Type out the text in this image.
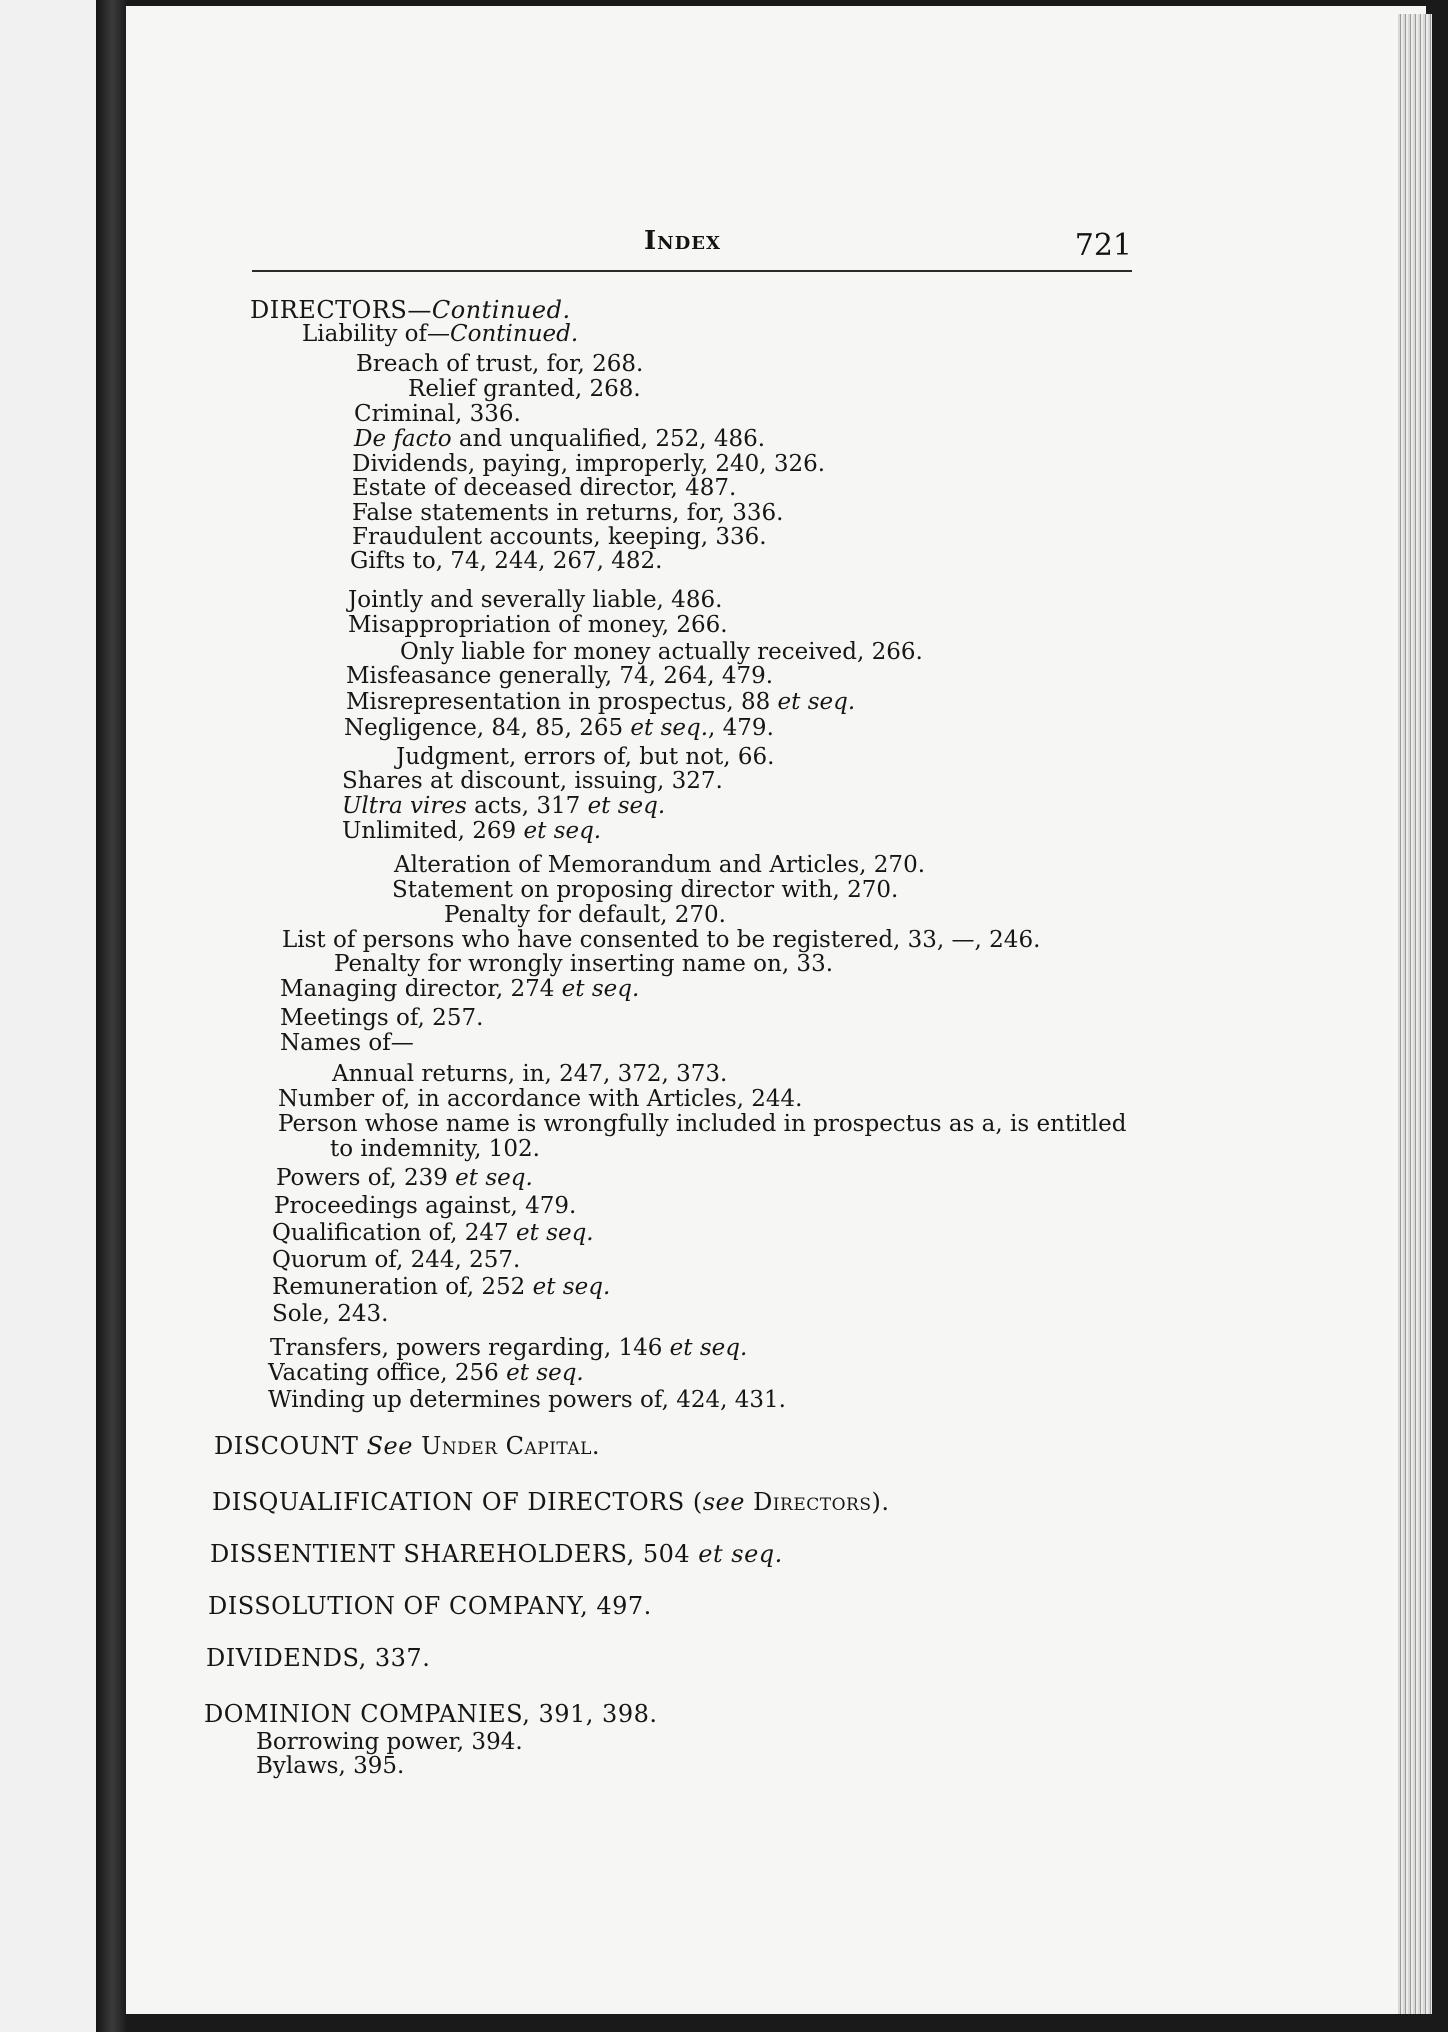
Index	721
DIRECTORS—Continued.
Liability of—Continued.
Breach of trust, for, 268.
Relief granted, 268.
Criminal, 336.
De facto and unqualified, 252, 486.
Dividends, paying, improperly, 240, 326.
Estate of deceased director, 487.
False statements in returns, for, 336.
Fraudulent accounts, keeping, 336.
Gifts to, 74, 244, 267, 482.
Jointly and severally liable, 486.
Misappropriation of money, 266.
Only liable for money actually received, 266.
Misfeasance generally, 74, 264, 479.
Misrepresentation in prospectus, 88 et seq.
Negligence, 84, 85, 265 et seq., 479.
Judgment, errors of, but not, 66.
Shares at discount, issuing, 327.
Ultra vires acts, 317 et seq.
Unlimited, 269 et seq.
Alteration of Memorandum and Articles, 270.
Statement on proposing director with, 270.
Penalty for default, 270.
List of persons who have consented to be registered, 33, —, 246.
Penalty for wrongly inserting name on, 33.
Managing director, 274 et seq.
Meetings of, 257.
Names of—
Annual returns, in, 247, 372, 373.
Number of, in accordance with Articles, 244.
Person whose name is wrongfully included in prospectus as a, is entitled
to indemnity, 102.
Powers of, 239 et seq.
Proceedings against, 479.
Qualification of, 247 et seq.
Quorum of, 244, 257.
Remuneration of, 252 et seq.
Sole, 243.
Transfers, powers regarding, 146 et seq.
Vacating office, 256 et seq.
Winding up determines powers of, 424, 431.
DISCOUNT See Under Capital.
DISQUALIFICATION OF DIRECTORS (see Directors).
DISSENTIENT SHAREHOLDERS, 504 et seq.
DISSOLUTION OF COMPANY, 497.
DIVIDENDS, 337.
DOMINION COMPANIES, 391, 398.
Borrowing power, 394.
Bylaws, 395.
